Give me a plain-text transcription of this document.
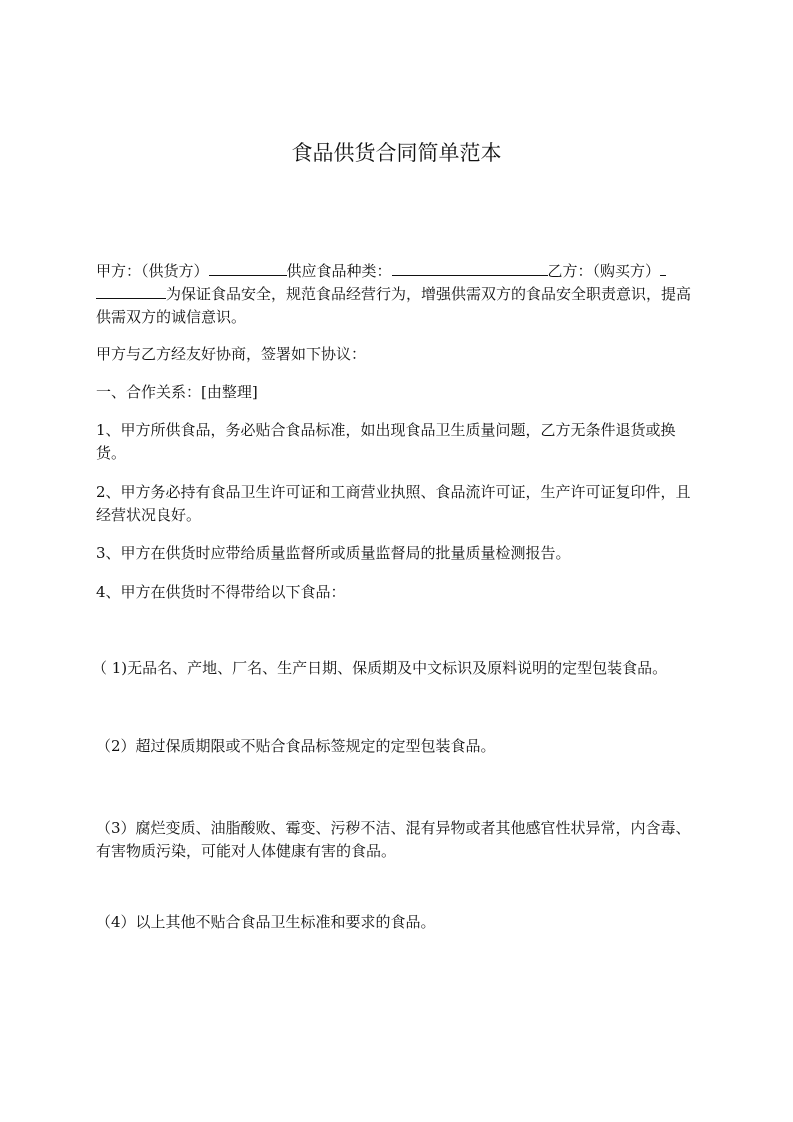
食品供货合同简单范本

甲方：（供货方）	供应食品种类：	乙方：（购买方）
为保证食品安全，规范食品经营行为，增强供需双方的食品安全职责意识，提高供需双方的诚信意识。

甲方与乙方经友好协商，签署如下协议：

一、合作关系：[由整理]

1、甲方所供食品，务必贴合食品标准，如出现食品卫生质量问题，乙方无条件退货或换货。

2、甲方务必持有食品卫生许可证和工商营业执照、食品流许可证，生产许可证复印件，且经营状况良好。

3、甲方在供货时应带给质量监督所或质量监督局的批量质量检测报告。

4、甲方在供货时不得带给以下食品：

（ 1)无品名、产地、厂名、生产日期、保质期及中文标识及原料说明的定型包装食品。

（2）超过保质期限或不贴合食品标签规定的定型包装食品。

（3）腐烂变质、油脂酸败、霉变、污秽不洁、混有异物或者其他感官性状异常，内含毒、有害物质污染，可能对人体健康有害的食品。

（4）以上其他不贴合食品卫生标准和要求的食品。
